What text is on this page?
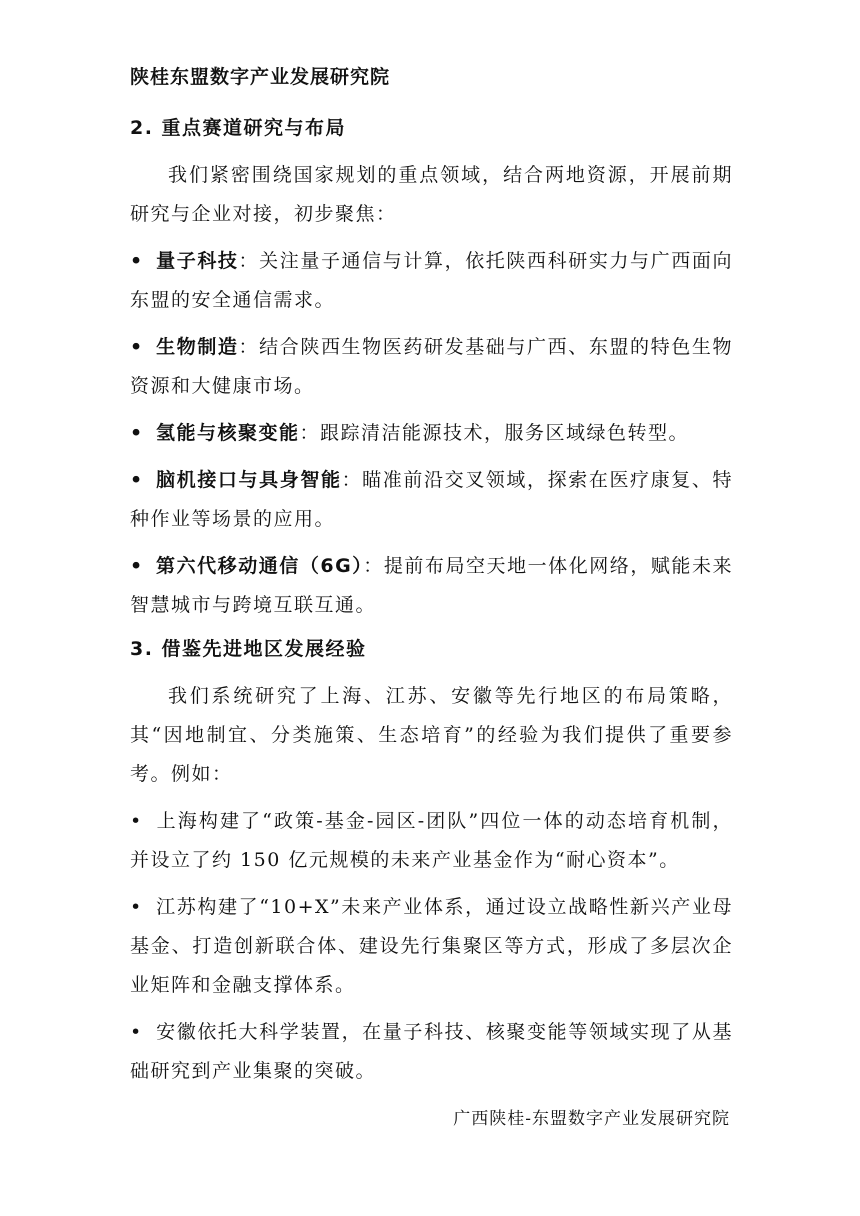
陕桂东盟数字产业发展研究院
2. 重点赛道研究与布局

我们紧密围绕国家规划的重点领域，结合两地资源，开展前期研究与企业对接，初步聚焦：

• 量子科技：关注量子通信与计算，依托陕西科研实力与广西面向东盟的安全通信需求。

• 生物制造：结合陕西生物医药研发基础与广西、东盟的特色生物资源和大健康市场。

• 氢能与核聚变能：跟踪清洁能源技术，服务区域绿色转型。

• 脑机接口与具身智能：瞄准前沿交叉领域，探索在医疗康复、特种作业等场景的应用。

• 第六代移动通信（6G）：提前布局空天地一体化网络，赋能未来智慧城市与跨境互联互通。

3. 借鉴先进地区发展经验

我们系统研究了上海、江苏、安徽等先行地区的布局策略，其“因地制宜、分类施策、生态培育”的经验为我们提供了重要参考。例如：

• 上海构建了“政策-基金-园区-团队”四位一体的动态培育机制，并设立了约 150 亿元规模的未来产业基金作为“耐心资本”。

• 江苏构建了“10+X”未来产业体系，通过设立战略性新兴产业母基金、打造创新联合体、建设先行集聚区等方式，形成了多层次企业矩阵和金融支撑体系。

• 安徽依托大科学装置，在量子科技、核聚变能等领域实现了从基础研究到产业集聚的突破。

广西陕桂-东盟数字产业发展研究院
